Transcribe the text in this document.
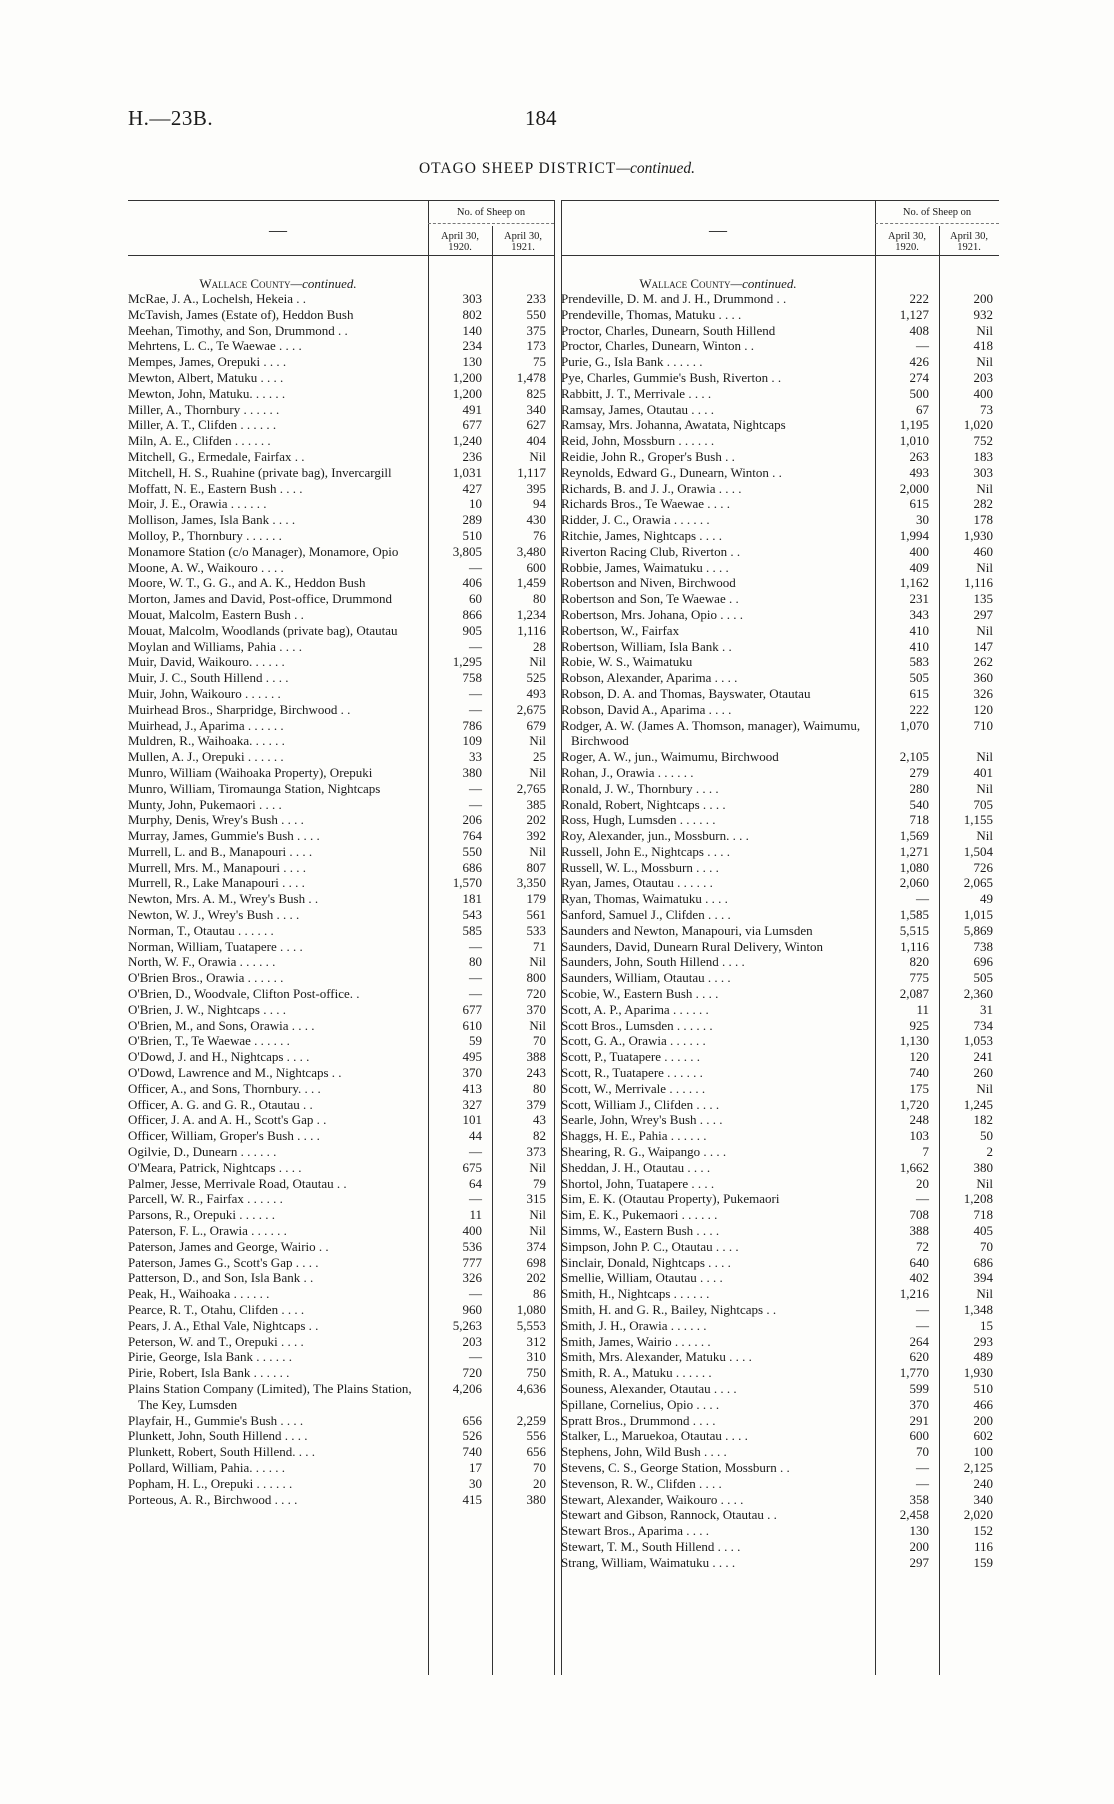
H.—23B.	184
OTAGO SHEEP DISTRICT—continued.
—
No. of Sheep on
April 30, 1920.
April 30, 1921.
Wallace County—continued.
McRae, J. A., Lochelsh, Hekeia . .	303	233
McTavish, James (Estate of), Heddon Bush	802	550
Meehan, Timothy, and Son, Drummond . .	140	375
Mehrtens, L. C., Te Waewae . . . .	234	173
Mempes, James, Orepuki . . . .	130	75
Mewton, Albert, Matuku . . . .	1,200	1,478
Mewton, John, Matuku. . . . . .	1,200	825
Miller, A., Thornbury . . . . . .	491	340
Miller, A. T., Clifden . . . . . .	677	627
Miln, A. E., Clifden . . . . . .	1,240	404
Mitchell, G., Ermedale, Fairfax . .	236	Nil
Mitchell, H. S., Ruahine (private bag), Invercargill	1,031	1,117
Moffatt, N. E., Eastern Bush . . . .	427	395
Moir, J. E., Orawia . . . . . .	10	94
Mollison, James, Isla Bank . . . .	289	430
Molloy, P., Thornbury . . . . . .	510	76
Monamore Station (c/o Manager), Monamore, Opio	3,805	3,480
Moone, A. W., Waikouro . . . .	—	600
Moore, W. T., G. G., and A. K., Heddon Bush	406	1,459
Morton, James and David, Post-office, Drummond	60	80
Mouat, Malcolm, Eastern Bush . .	866	1,234
Mouat, Malcolm, Woodlands (private bag), Otautau	905	1,116
Moylan and Williams, Pahia . . . .	—	28
Muir, David, Waikouro. . . . . .	1,295	Nil
Muir, J. C., South Hillend . . . .	758	525
Muir, John, Waikouro . . . . . .	—	493
Muirhead Bros., Sharpridge, Birchwood . .	—	2,675
Muirhead, J., Aparima . . . . . .	786	679
Muldren, R., Waihoaka. . . . . .	109	Nil
Mullen, A. J., Orepuki . . . . . .	33	25
Munro, William (Waihoaka Property), Orepuki	380	Nil
Munro, William, Tiromaunga Station, Nightcaps	—	2,765
Munty, John, Pukemaori . . . .	—	385
Murphy, Denis, Wrey's Bush . . . .	206	202
Murray, James, Gummie's Bush . . . .	764	392
Murrell, L. and B., Manapouri . . . .	550	Nil
Murrell, Mrs. M., Manapouri . . . .	686	807
Murrell, R., Lake Manapouri . . . .	1,570	3,350
Newton, Mrs. A. M., Wrey's Bush . .	181	179
Newton, W. J., Wrey's Bush . . . .	543	561
Norman, T., Otautau . . . . . .	585	533
Norman, William, Tuatapere . . . .	—	71
North, W. F., Orawia . . . . . .	80	Nil
O'Brien Bros., Orawia . . . . . .	—	800
O'Brien, D., Woodvale, Clifton Post-office. .	—	720
O'Brien, J. W., Nightcaps . . . .	677	370
O'Brien, M., and Sons, Orawia . . . .	610	Nil
O'Brien, T., Te Waewae . . . . . .	59	70
O'Dowd, J. and H., Nightcaps . . . .	495	388
O'Dowd, Lawrence and M., Nightcaps . .	370	243
Officer, A., and Sons, Thornbury. . . .	413	80
Officer, A. G. and G. R., Otautau . .	327	379
Officer, J. A. and A. H., Scott's Gap . .	101	43
Officer, William, Groper's Bush . . . .	44	82
Ogilvie, D., Dunearn . . . . . .	—	373
O'Meara, Patrick, Nightcaps . . . .	675	Nil
Palmer, Jesse, Merrivale Road, Otautau . .	64	79
Parcell, W. R., Fairfax . . . . . .	—	315
Parsons, R., Orepuki . . . . . .	11	Nil
Paterson, F. L., Orawia . . . . . .	400	Nil
Paterson, James and George, Wairio . .	536	374
Paterson, James G., Scott's Gap . . . .	777	698
Patterson, D., and Son, Isla Bank . .	326	202
Peak, H., Waihoaka . . . . . .	—	86
Pearce, R. T., Otahu, Clifden . . . .	960	1,080
Pears, J. A., Ethal Vale, Nightcaps . .	5,263	5,553
Peterson, W. and T., Orepuki . . . .	203	312
Pirie, George, Isla Bank . . . . . .	—	310
Pirie, Robert, Isla Bank . . . . . .	720	750
Plains Station Company (Limited), The Plains Station, The Key, Lumsden
4,206	4,636
Playfair, H., Gummie's Bush . . . .	656	2,259
Plunkett, John, South Hillend . . . .	526	556
Plunkett, Robert, South Hillend. . . .	740	656
Pollard, William, Pahia. . . . . .	17	70
Popham, H. L., Orepuki . . . . . .	30	20
Porteous, A. R., Birchwood . . . .	415	380
—
No. of Sheep on
April 30, 1920.
April 30, 1921.
Wallace County—continued.
Prendeville, D. M. and J. H., Drummond . .	222	200
Prendeville, Thomas, Matuku . . . .	1,127	932
Proctor, Charles, Dunearn, South Hillend	408	Nil
Proctor, Charles, Dunearn, Winton . .	—	418
Purie, G., Isla Bank . . . . . .	426	Nil
Pye, Charles, Gummie's Bush, Riverton . .	274	203
Rabbitt, J. T., Merrivale . . . .	500	400
Ramsay, James, Otautau . . . .	67	73
Ramsay, Mrs. Johanna, Awatata, Nightcaps	1,195	1,020
Reid, John, Mossburn . . . . . .	1,010	752
Reidie, John R., Groper's Bush . .	263	183
Reynolds, Edward G., Dunearn, Winton . .	493	303
Richards, B. and J. J., Orawia . . . .	2,000	Nil
Richards Bros., Te Waewae . . . .	615	282
Ridder, J. C., Orawia . . . . . .	30	178
Ritchie, James, Nightcaps . . . .	1,994	1,930
Riverton Racing Club, Riverton . .	400	460
Robbie, James, Waimatuku . . . .	409	Nil
Robertson and Niven, Birchwood	1,162	1,116
Robertson and Son, Te Waewae . .	231	135
Robertson, Mrs. Johana, Opio . . . .	343	297
Robertson, W., Fairfax	410	Nil
Robertson, William, Isla Bank . .	410	147
Robie, W. S., Waimatuku	583	262
Robson, Alexander, Aparima . . . .	505	360
Robson, D. A. and Thomas, Bayswater, Otautau	615	326
Robson, David A., Aparima . . . .	222	120
Rodger, A. W. (James A. Thomson, manager), Waimumu, Birchwood
1,070	710
Roger, A. W., jun., Waimumu, Birchwood	2,105	Nil
Rohan, J., Orawia . . . . . .	279	401
Ronald, J. W., Thornbury . . . .	280	Nil
Ronald, Robert, Nightcaps . . . .	540	705
Ross, Hugh, Lumsden . . . . . .	718	1,155
Roy, Alexander, jun., Mossburn. . . .	1,569	Nil
Russell, John E., Nightcaps . . . .	1,271	1,504
Russell, W. L., Mossburn . . . .	1,080	726
Ryan, James, Otautau . . . . . .	2,060	2,065
Ryan, Thomas, Waimatuku . . . .	—	49
Sanford, Samuel J., Clifden . . . .	1,585	1,015
Saunders and Newton, Manapouri, via Lumsden	5,515	5,869
Saunders, David, Dunearn Rural Delivery, Winton	1,116	738
Saunders, John, South Hillend . . . .	820	696
Saunders, William, Otautau . . . .	775	505
Scobie, W., Eastern Bush . . . .	2,087	2,360
Scott, A. P., Aparima . . . . . .	11	31
Scott Bros., Lumsden . . . . . .	925	734
Scott, G. A., Orawia . . . . . .	1,130	1,053
Scott, P., Tuatapere . . . . . .	120	241
Scott, R., Tuatapere . . . . . .	740	260
Scott, W., Merrivale . . . . . .	175	Nil
Scott, William J., Clifden . . . .	1,720	1,245
Searle, John, Wrey's Bush . . . .	248	182
Shaggs, H. E., Pahia . . . . . .	103	50
Shearing, R. G., Waipango . . . .	7	2
Sheddan, J. H., Otautau . . . .	1,662	380
Shortol, John, Tuatapere . . . .	20	Nil
Sim, E. K. (Otautau Property), Pukemaori	—	1,208
Sim, E. K., Pukemaori . . . . . .	708	718
Simms, W., Eastern Bush . . . .	388	405
Simpson, John P. C., Otautau . . . .	72	70
Sinclair, Donald, Nightcaps . . . .	640	686
Smellie, William, Otautau . . . .	402	394
Smith, H., Nightcaps . . . . . .	1,216	Nil
Smith, H. and G. R., Bailey, Nightcaps . .	—	1,348
Smith, J. H., Orawia . . . . . .	—	15
Smith, James, Wairio . . . . . .	264	293
Smith, Mrs. Alexander, Matuku . . . .	620	489
Smith, R. A., Matuku . . . . . .	1,770	1,930
Souness, Alexander, Otautau . . . .	599	510
Spillane, Cornelius, Opio . . . .	370	466
Spratt Bros., Drummond . . . .	291	200
Stalker, L., Maruekoa, Otautau . . . .	600	602
Stephens, John, Wild Bush . . . .	70	100
Stevens, C. S., George Station, Mossburn . .	—	2,125
Stevenson, R. W., Clifden . . . .	—	240
Stewart, Alexander, Waikouro . . . .	358	340
Stewart and Gibson, Rannock, Otautau . .	2,458	2,020
Stewart Bros., Aparima . . . .	130	152
Stewart, T. M., South Hillend . . . .	200	116
Strang, William, Waimatuku . . . .	297	159
